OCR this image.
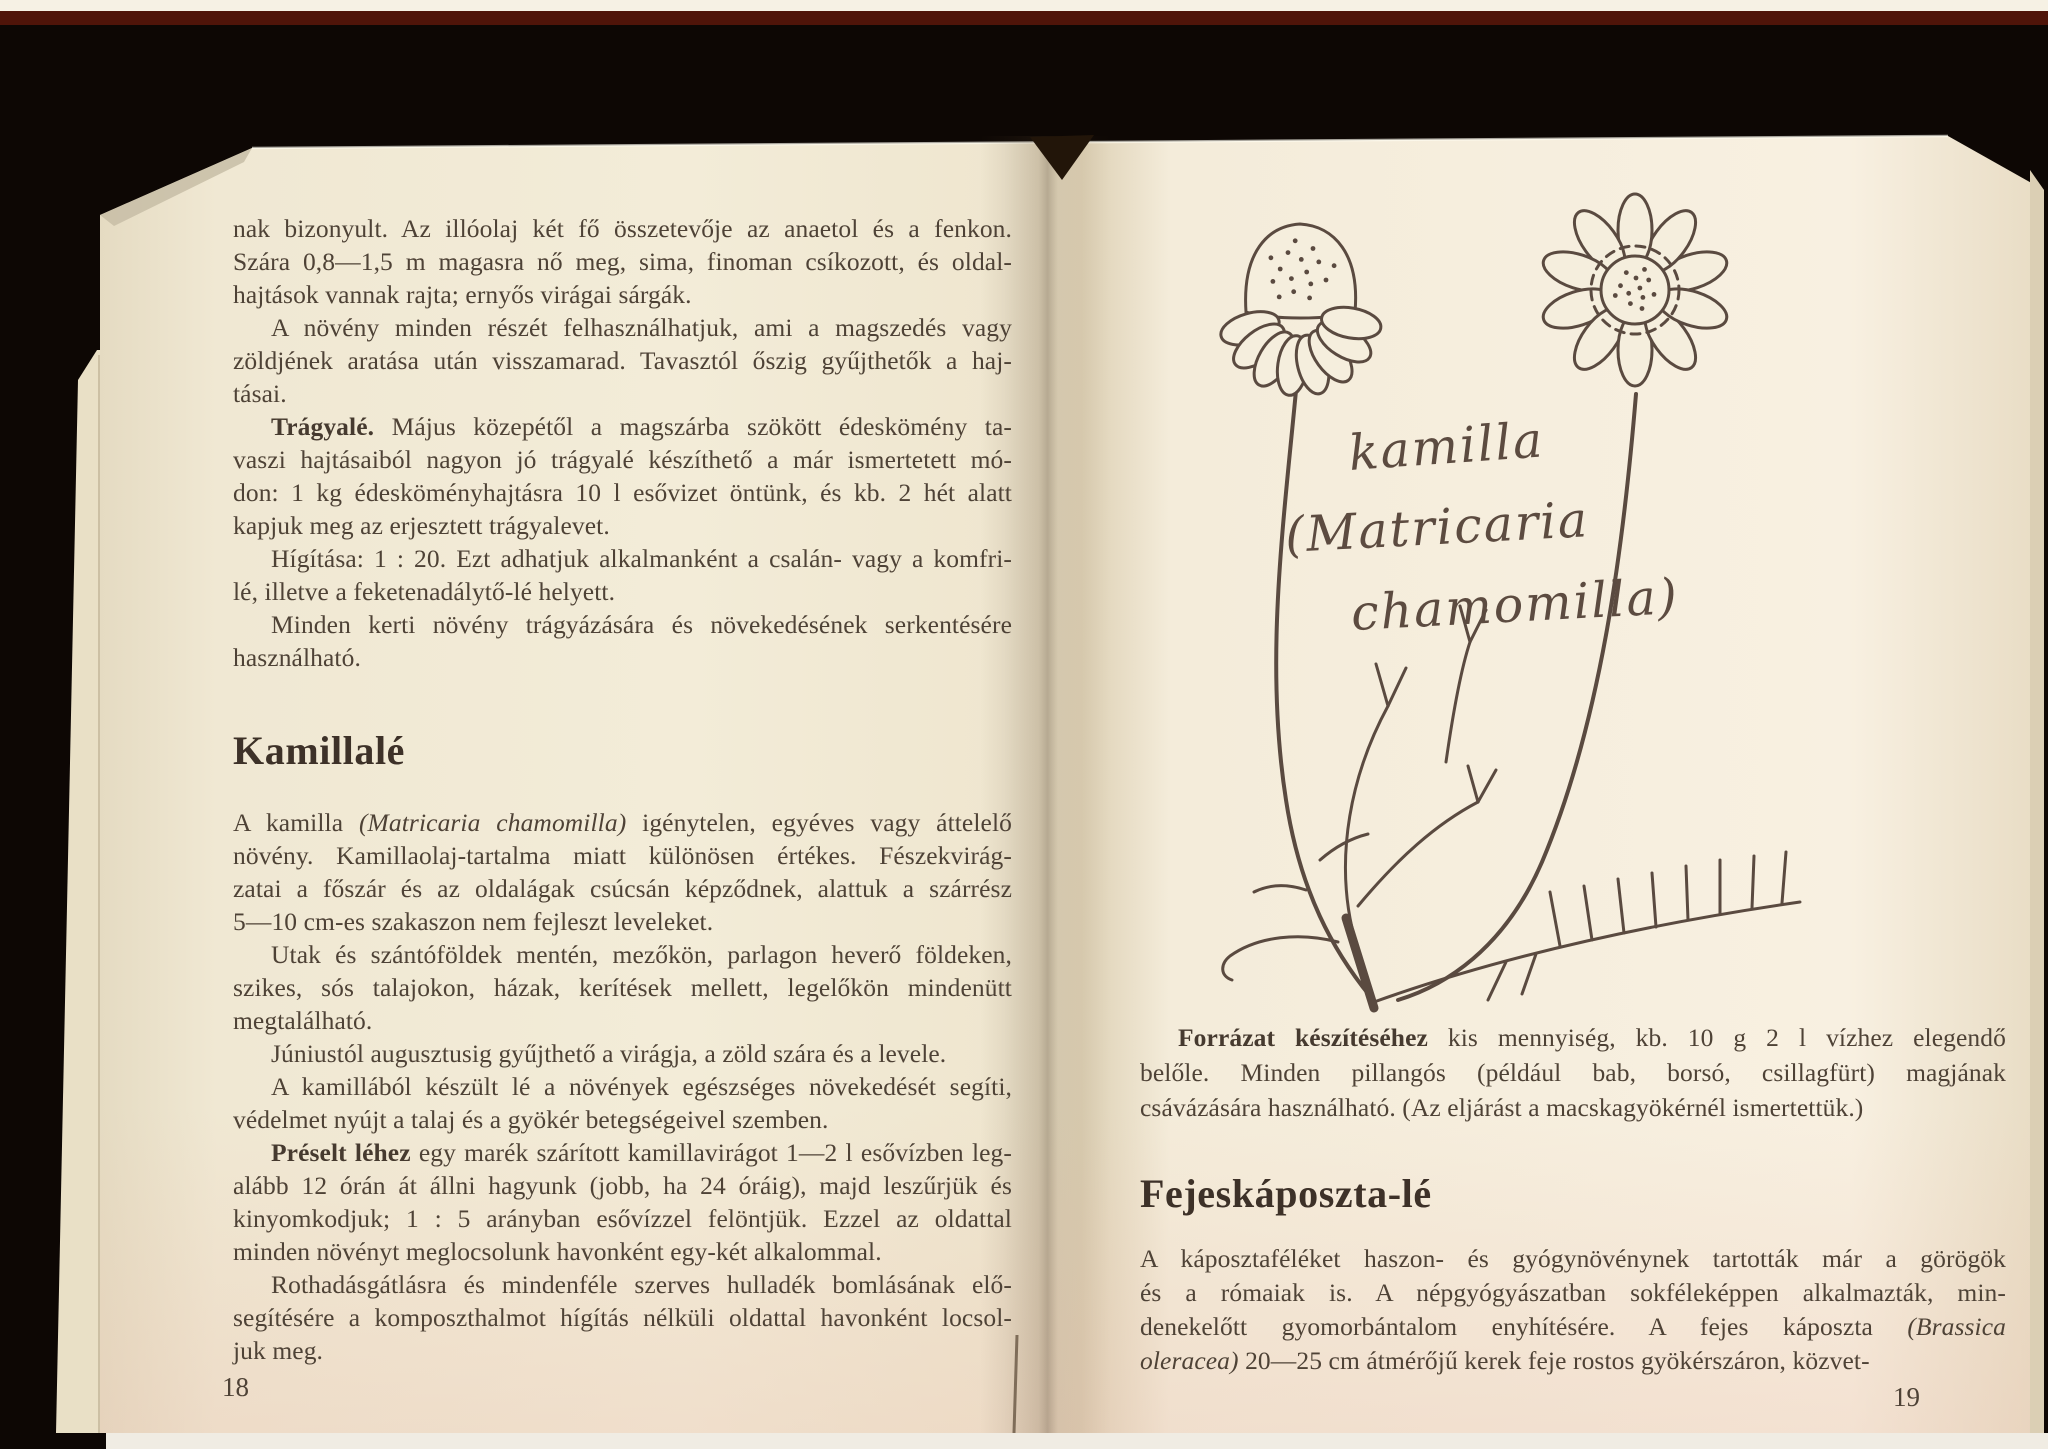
kamilla
(Matricaria
chamomilla)
nak bizonyult. Az illóolaj két fő összetevője az anaetol és a fenkon.
Szára 0,8—1,5 m magasra nő meg, sima, finoman csíkozott, és oldal-
hajtások vannak rajta; ernyős virágai sárgák.
A növény minden részét felhasználhatjuk, ami a magszedés vagy
zöldjének aratása után visszamarad. Tavasztól őszig gyűjthetők a haj-
tásai.
Trágyalé. Május közepétől a magszárba szökött édeskömény ta-
vaszi hajtásaiból nagyon jó trágyalé készíthető a már ismertetett mó-
don: 1 kg édesköményhajtásra 10 l esővizet öntünk, és kb. 2 hét alatt
kapjuk meg az erjesztett trágyalevet.
Hígítása: 1 : 20. Ezt adhatjuk alkalmanként a csalán- vagy a komfri-
lé, illetve a feketenadálytő-lé helyett.
Minden kerti növény trágyázására és növekedésének serkentésére
használható.
Kamillalé
A kamilla (Matricaria chamomilla) igénytelen, egyéves vagy áttelelő
növény. Kamillaolaj-tartalma miatt különösen értékes. Fészekvirág-
zatai a főszár és az oldalágak csúcsán képződnek, alattuk a szárrész
5—10 cm-es szakaszon nem fejleszt leveleket.
Utak és szántóföldek mentén, mezőkön, parlagon heverő földeken,
szikes, sós talajokon, házak, kerítések mellett, legelőkön mindenütt
megtalálható.
Júniustól augusztusig gyűjthető a virágja, a zöld szára és a levele.
A kamillából készült lé a növények egészséges növekedését segíti,
védelmet nyújt a talaj és a gyökér betegségeivel szemben.
Préselt léhez egy marék szárított kamillavirágot 1—2 l esővízben leg-
alább 12 órán át állni hagyunk (jobb, ha 24 óráig), majd leszűrjük és
kinyomkodjuk; 1 : 5 arányban esővízzel felöntjük. Ezzel az oldattal
minden növényt meglocsolunk havonként egy-két alkalommal.
Rothadásgátlásra és mindenféle szerves hulladék bomlásának elő-
segítésére a komposzthalmot hígítás nélküli oldattal havonként locsol-
juk meg.
18
Forrázat készítéséhez kis mennyiség, kb. 10 g 2 l vízhez elegendő
belőle. Minden pillangós (például bab, borsó, csillagfürt) magjának
csávázására használható. (Az eljárást a macskagyökérnél ismertettük.)
Fejeskáposzta-lé
A káposztaféléket haszon- és gyógynövénynek tartották már a görögök
és a rómaiak is. A népgyógyászatban sokféleképpen alkalmazták, min-
denekelőtt gyomorbántalom enyhítésére. A fejes káposzta (Brassica
oleracea) 20—25 cm átmérőjű kerek feje rostos gyökérszáron, közvet-
19
